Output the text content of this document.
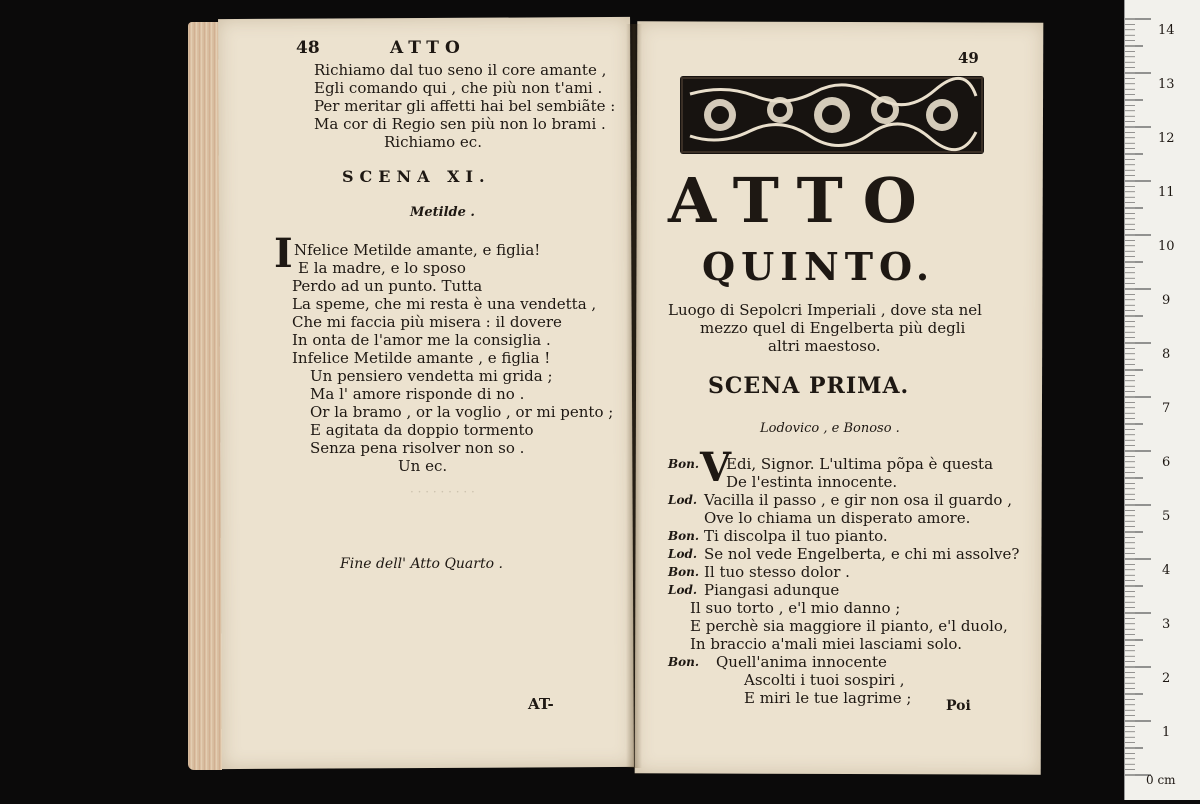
48	ATTO
Richiamo dal tuo seno il core amante ,
Egli comando qui , che più non t'ami .
Per meritar gli affetti hai bel sembiãte :
Ma cor di Regio sen più non lo brami .
Richiamo ec.
SCENA XI.
Metilde .
I Nfelice Metilde amante, e figlia!
E la madre, e lo sposo
Perdo ad un punto. Tutta
La speme, che mi resta è una vendetta ,
Che mi faccia più misera : il dovere
In onta de l'amor me la consiglia .
Infelice Metilde amante , e figlia !
Un pensiero vendetta mi grida ;
Ma l' amore risponde di no .
Or la bramo , or la voglio , or mi pento ;
E agitata da doppio tormento
Senza pena risolver non so .
Un ec.
Fine dell' Atto Quarto .
AT-
· · · · · · · · ·
49
ATTO
QUINTO.
Luogo di Sepolcri Imperiali , dove sta nel
mezzo quel di Engelberta più degli
altri maestoso.
SCENA PRIMA.
Lodovico , e Bonoso .
Bon. V
Edi, Signor. L'ultima põpa è questa
De l'estinta innocente.
Lod. Vacilla il passo , e gir non osa il guardo ,
Ove lo chiama un disperato amore.
Bon. Ti discolpa il tuo pianto.
Lod. Se nol vede Engelberta, e chi mi assolve?
Bon. Il tuo stesso dolor .
Lod. Piangasi adunque
Il suo torto , e'l mio danno ;
E perchè sia maggiore il pianto, e'l duolo,
In braccio a'mali miei lasciami solo.
Bon. Quell'anima innocente
Ascolti i tuoi sospiri ,
E miri le tue lagrime ; Poi
14
13
12
11
10
9
8
7
6
5
4
3
2
1
0 cm
